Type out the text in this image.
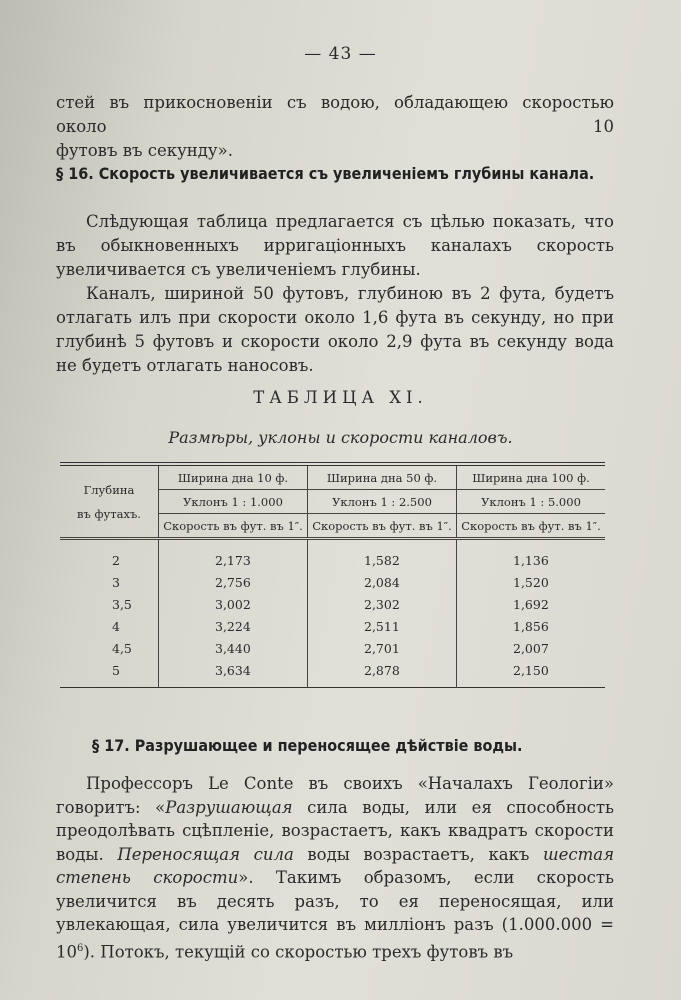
— 43 —
стей въ прикосновенiи съ водою, обладающею скоростью около 10
футовъ въ секунду».
§ 16. Скорость увеличивается съ увеличенiемъ глубины канала.
Слѣдующая таблица предлагается съ цѣлью показать, что въ обыкновенныхъ ирригацiонныхъ каналахъ скорость увеличивается съ увеличенiемъ глубины.
Каналъ, шириной 50 футовъ, глубиною въ 2 фута, будетъ отлагать илъ при скорости около 1,6 фута въ секунду, но при глубинѣ 5 футовъ и скорости около 2,9 фута въ секунду вода не будетъ отлагать наносовъ.
ТАБЛИЦА XI.
Размѣры, уклоны и скорости каналовъ.
Глубина
въ футахъ.	Ширина дна 10 ф.	Ширина дна 50 ф.	Ширина дна 100 ф.
	Уклонъ 1 : 1.000	Уклонъ 1 : 2.500	Уклонъ 1 : 5.000
	Скорость въ фут. въ 1″.	Скорость въ фут. въ 1″.	Скорость въ фут. въ 1″.

2	2,173	1,582	1,136
3	2,756	2,084	1,520
3,5	3,002	2,302	1,692
4	3,224	2,511	1,856
4,5	3,440	2,701	2,007
5	3,634	2,878	2,150

§ 17. Разрушающее и переносящее дѣйствiе воды.
Профессоръ Le Conte въ своихъ «Началахъ Геологiи» говоритъ: «Разрушающая сила воды, или ея способность преодолѣвать сцѣпленiе, возрастаетъ, какъ квадратъ скорости воды. Переносящая сила воды возрастаетъ, какъ шестая степень скорости». Такимъ образомъ, если скорость увеличится въ десять разъ, то ея переносящая, или увлекающая, сила увеличится въ миллiонъ разъ $(1.000.000 = 10^6)$. Потокъ, текущiй со скоростью трехъ футовъ въ
